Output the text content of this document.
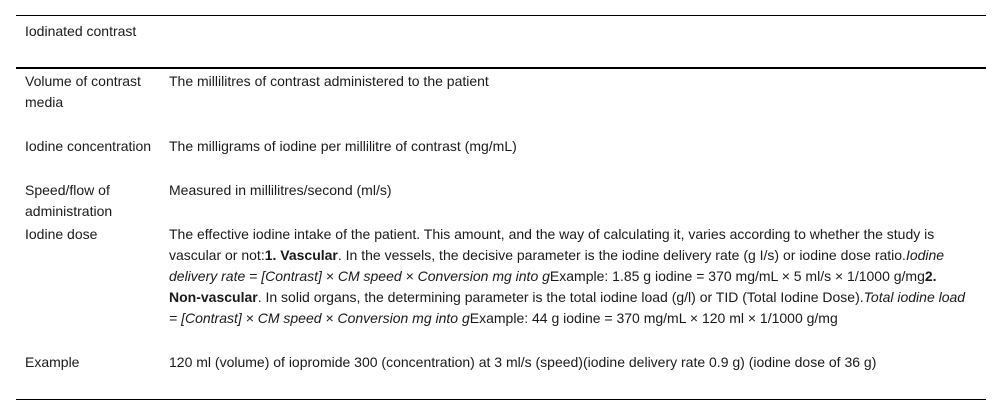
Iodinated contrast
Volume of contrast media
The millilitres of contrast administered to the patient
Iodine concentration The milligrams of iodine per millilitre of contrast (mg/mL)
Speed/flow of administration
Measured in millilitres/second (ml/s)
Iodine dose	The effective iodine intake of the patient. This amount, and the way of calculating it, varies according to whether the study is vascular or not:1. Vascular. In the vessels, the decisive parameter is the iodine delivery rate (g I/s) or iodine dose ratio.Iodine delivery rate = [Contrast] × CM speed × Conversion mg into gExample: 1.85 g iodine = 370 mg/mL × 5 ml/s × 1/1000 g/mg2. Non-vascular. In solid organs, the determining parameter is the total iodine load (g/l) or TID (Total Iodine Dose).Total iodine load = [Contrast] × CM speed × Conversion mg into gExample: 44 g iodine = 370 mg/mL × 120 ml × 1/1000 g/mg
Example	120 ml (volume) of iopromide 300 (concentration) at 3 ml/s (speed)(iodine delivery rate 0.9 g) (iodine dose of 36 g)
